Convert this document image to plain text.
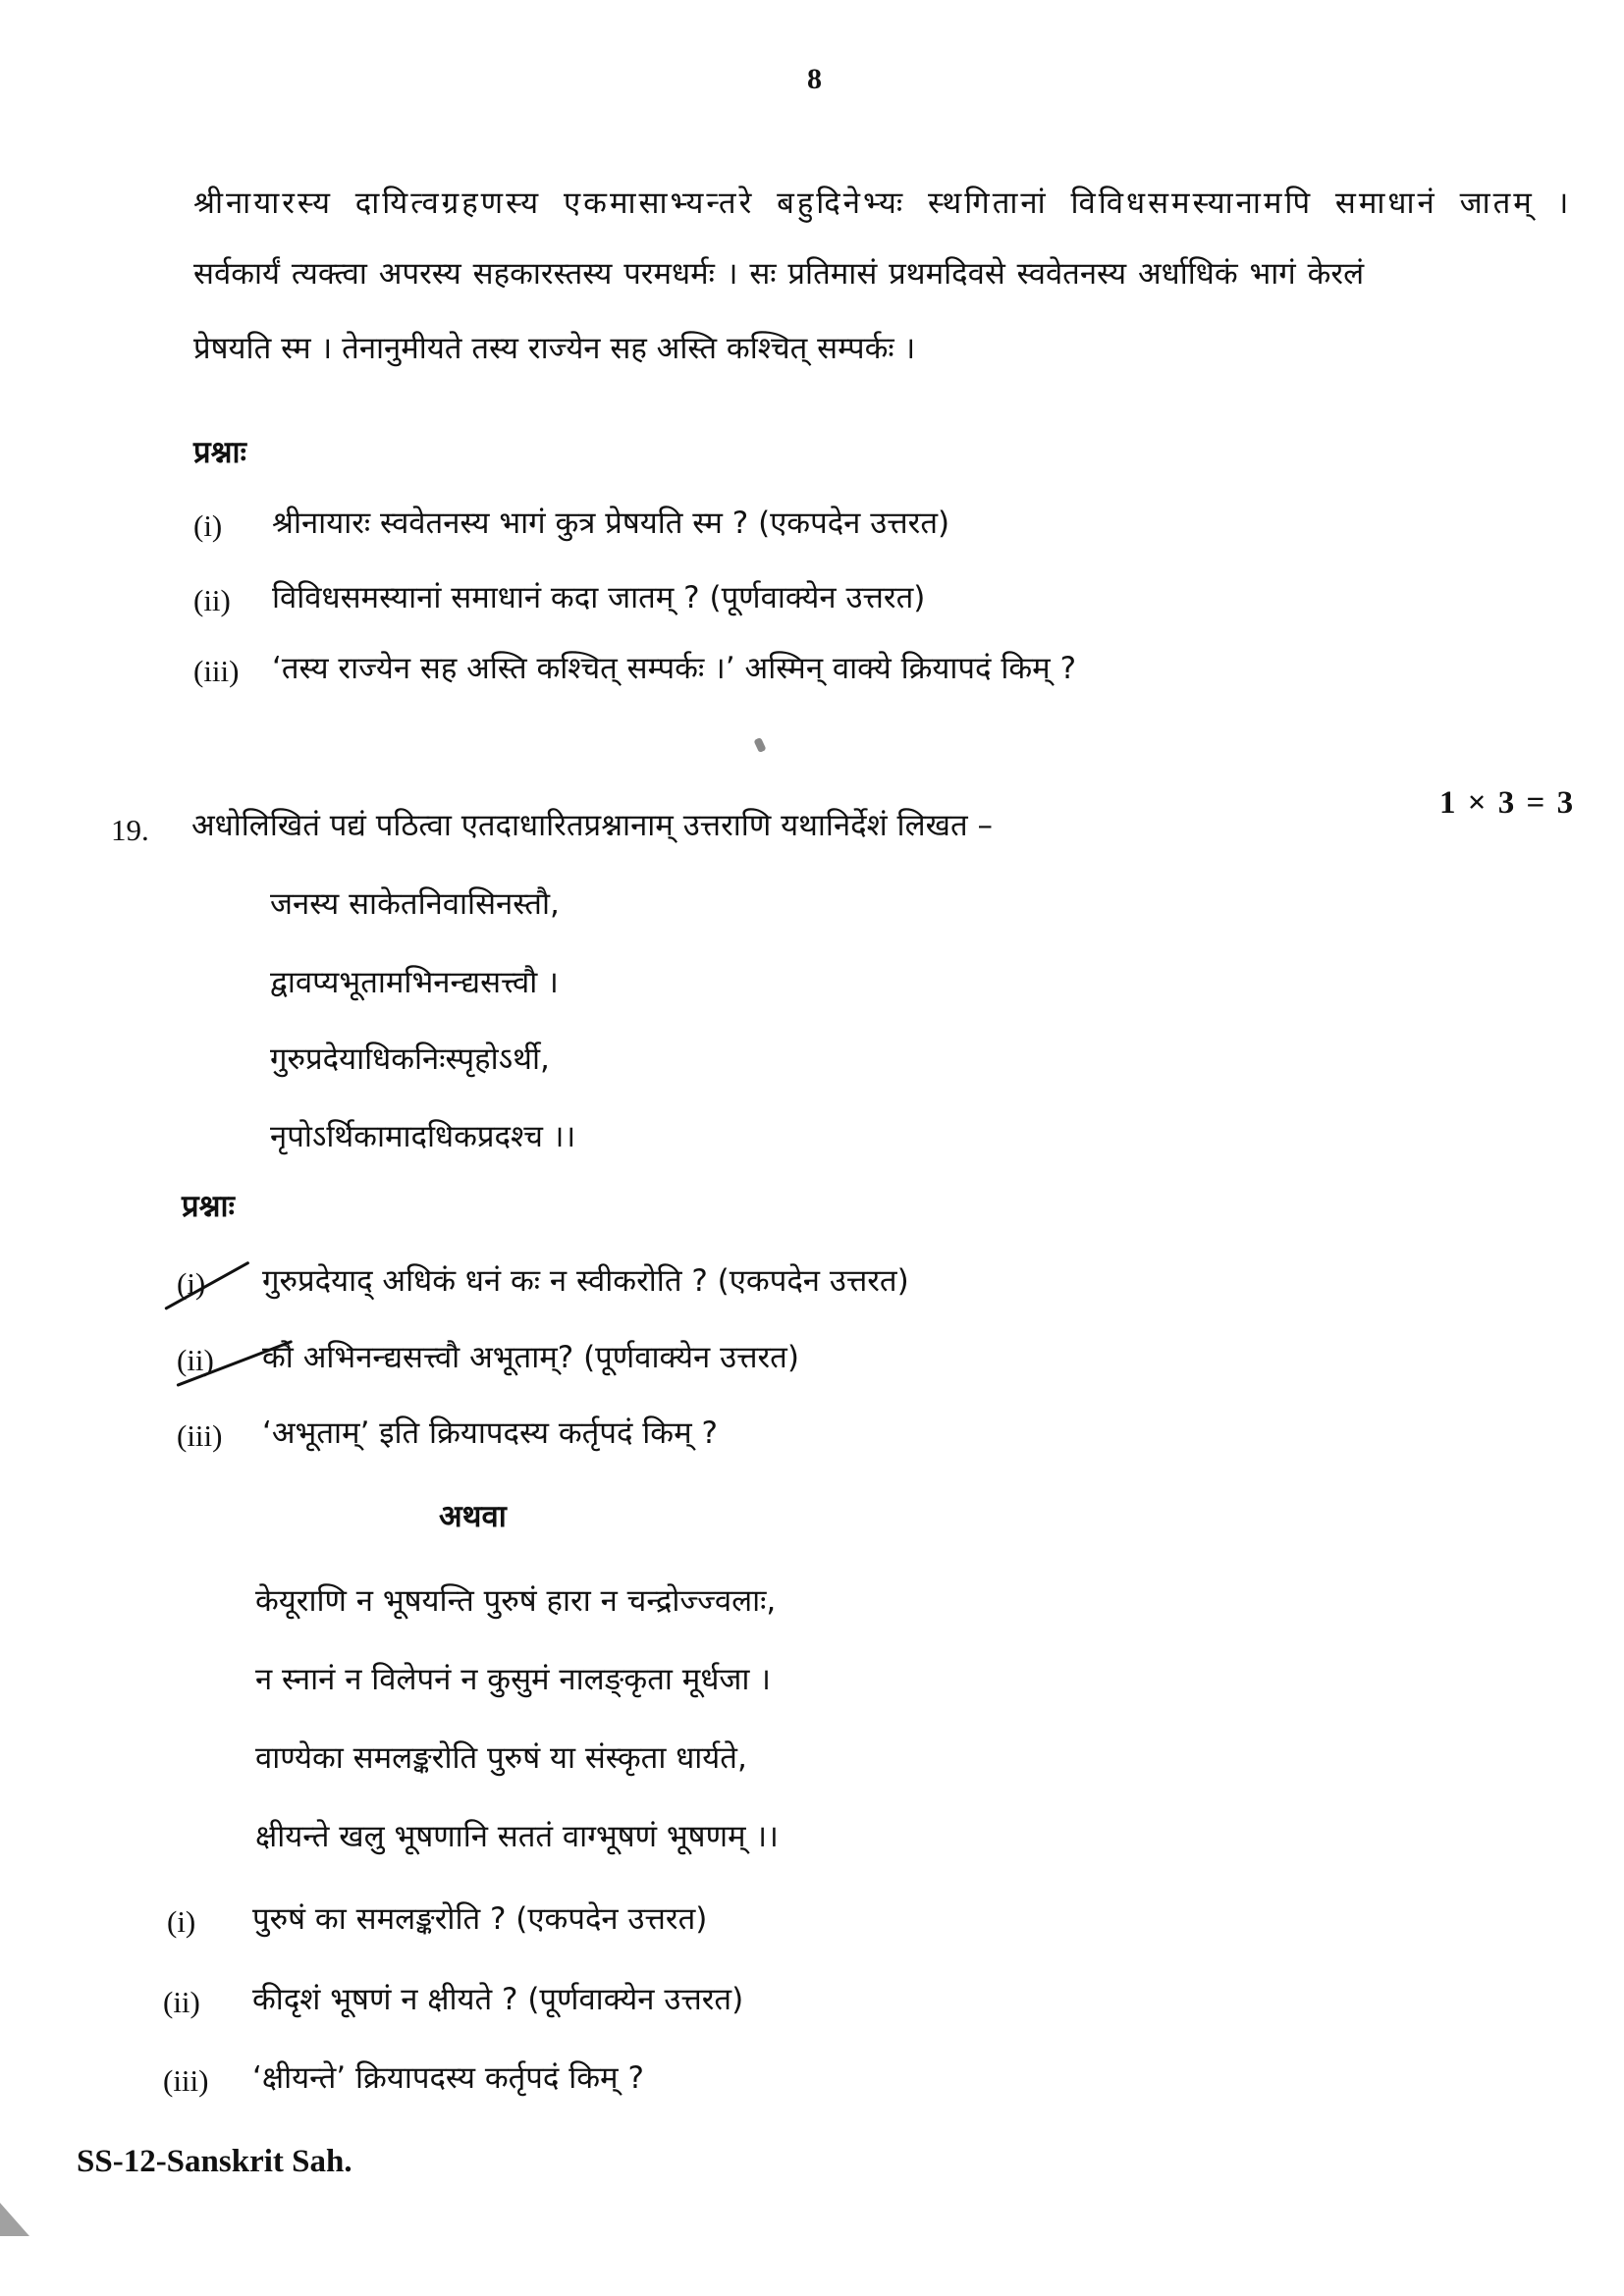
8
श्रीनायारस्य दायित्वग्रहणस्य एकमासाभ्यन्तरे बहुदिनेभ्यः स्थगितानां विविधसमस्यानामपि समाधानं जातम् ।
सर्वकार्यं त्यक्त्वा अपरस्य सहकारस्तस्य परमधर्मः । सः प्रतिमासं प्रथमदिवसे स्ववेतनस्य अर्धाधिकं भागं केरलं
प्रेषयति स्म । तेनानुमीयते तस्य राज्येन सह अस्ति कश्चित् सम्पर्कः ।
प्रश्नाः
(i) श्रीनायारः स्ववेतनस्य भागं कुत्र प्रेषयति स्म ? (एकपदेन उत्तरत)
(ii) विविधसमस्यानां समाधानं कदा जातम् ? (पूर्णवाक्येन उत्तरत)
(iii) ‘तस्य राज्येन सह अस्ति कश्चित् सम्पर्कः ।’ अस्मिन् वाक्ये क्रियापदं किम् ?
19. अधोलिखितं पद्यं पठित्वा एतदाधारितप्रश्नानाम् उत्तराणि यथानिर्देशं लिखत –
1 × 3 = 3
जनस्य साकेतनिवासिनस्तौ,
द्वावप्यभूतामभिनन्द्यसत्त्वौ ।
गुरुप्रदेयाधिकनिःस्पृहोऽर्थी,
नृपोऽर्थिकामादधिकप्रदश्च ।।
प्रश्नाः
(i) गुरुप्रदेयाद् अधिकं धनं कः न स्वीकरोति ? (एकपदेन उत्तरत)
(ii) कौ अभिनन्द्यसत्त्वौ अभूताम्? (पूर्णवाक्येन उत्तरत)
(iii) ‘अभूताम्’ इति क्रियापदस्य कर्तृपदं किम् ?
अथवा
केयूराणि न भूषयन्ति पुरुषं हारा न चन्द्रोज्ज्वलाः,
न स्नानं न विलेपनं न कुसुमं नालङ्कृता मूर्धजा ।
वाण्येका समलङ्करोति पुरुषं या संस्कृता धार्यते,
क्षीयन्ते खलु भूषणानि सततं वाग्भूषणं भूषणम् ।।
(i) पुरुषं का समलङ्करोति ? (एकपदेन उत्तरत)
(ii) कीदृशं भूषणं न क्षीयते ? (पूर्णवाक्येन उत्तरत)
(iii) ‘क्षीयन्ते’ क्रियापदस्य कर्तृपदं किम् ?
SS-12-Sanskrit Sah.
